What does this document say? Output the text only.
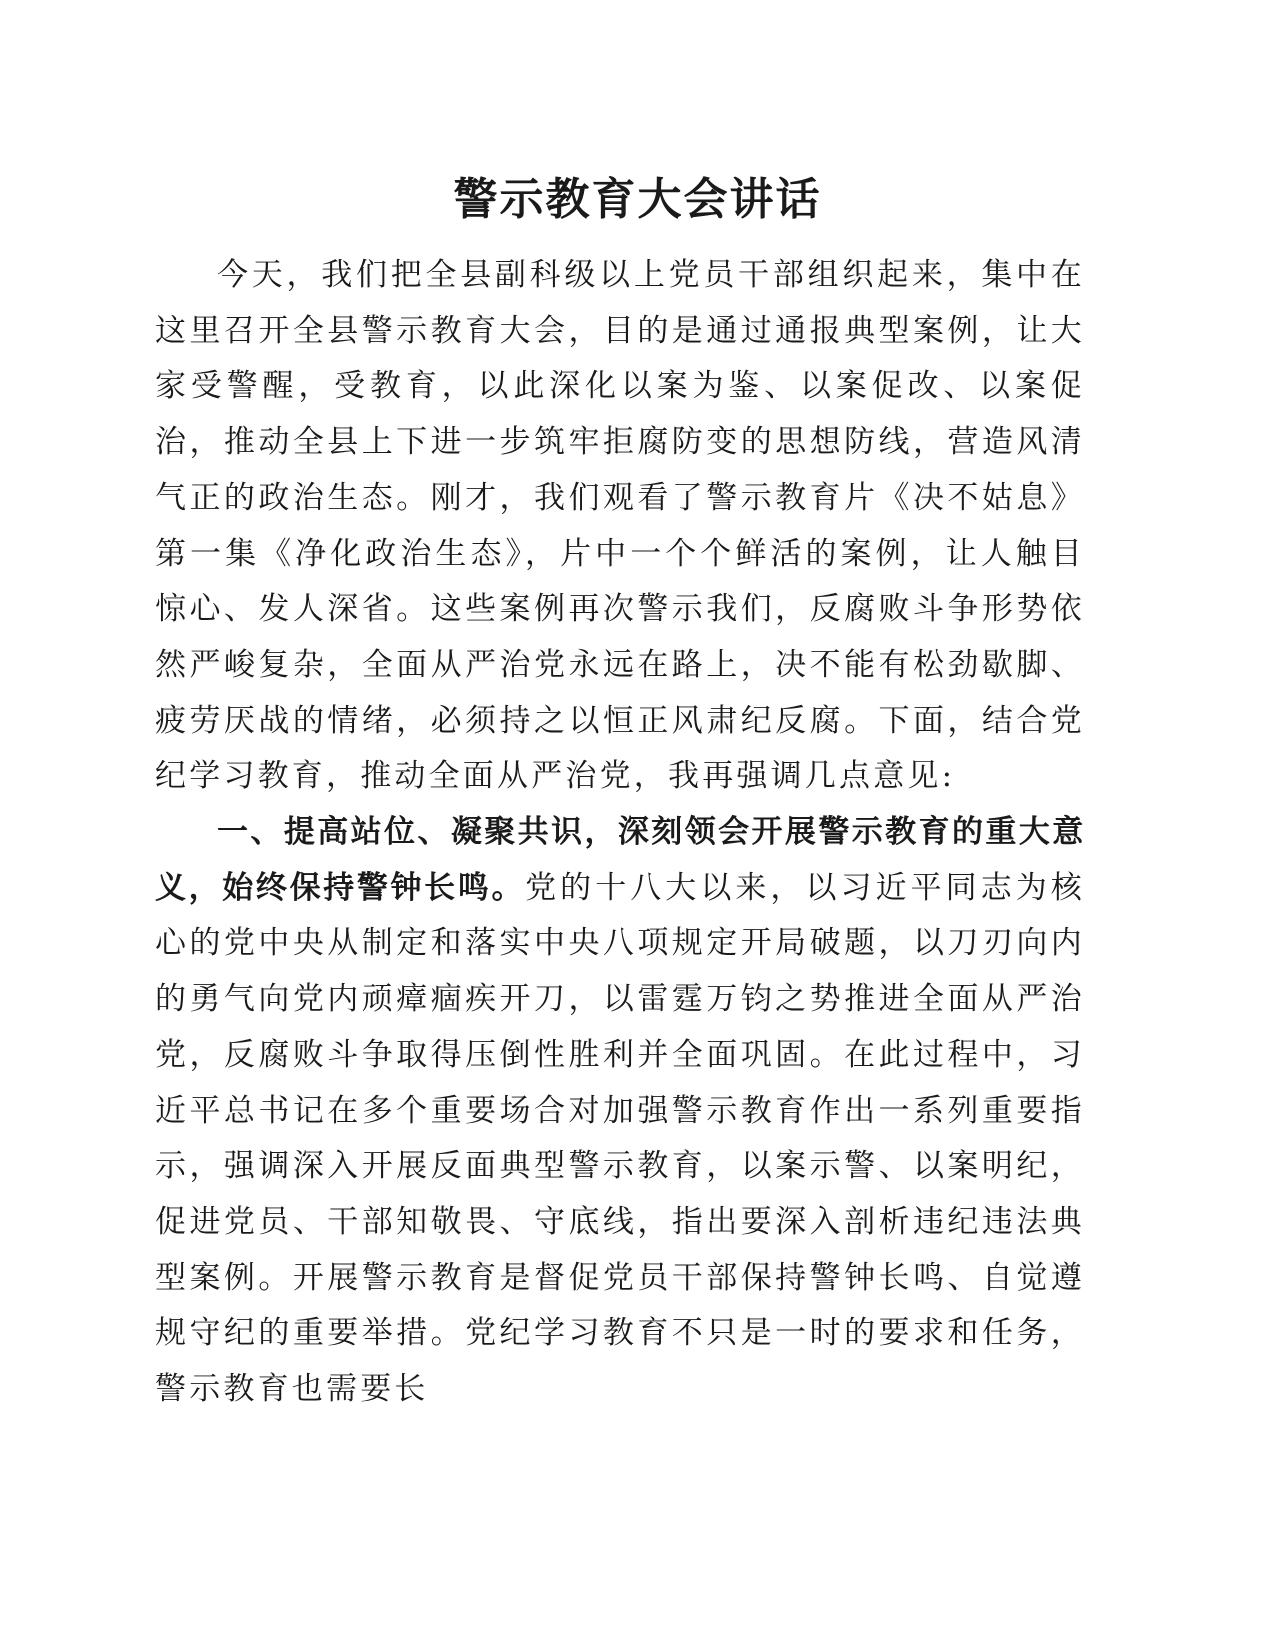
警示教育大会讲话

今天，我们把全县副科级以上党员干部组织起来，集中在这里召开全县警示教育大会，目的是通过通报典型案例，让大家受警醒，受教育，以此深化以案为鉴、以案促改、以案促治，推动全县上下进一步筑牢拒腐防变的思想防线，营造风清气正的政治生态。刚才，我们观看了警示教育片《决不姑息》第一集《净化政治生态》，片中一个个鲜活的案例，让人触目惊心、发人深省。这些案例再次警示我们，反腐败斗争形势依然严峻复杂，全面从严治党永远在路上，决不能有松劲歇脚、疲劳厌战的情绪，必须持之以恒正风肃纪反腐。下面，结合党纪学习教育，推动全面从严治党，我再强调几点意见:

一、提高站位、凝聚共识，深刻领会开展警示教育的重大意义，始终保持警钟长鸣。党的十八大以来，以习近平同志为核心的党中央从制定和落实中央八项规定开局破题，以刀刃向内的勇气向党内顽瘴痼疾开刀，以雷霆万钧之势推进全面从严治党，反腐败斗争取得压倒性胜利并全面巩固。在此过程中，习近平总书记在多个重要场合对加强警示教育作出一系列重要指示，强调深入开展反面典型警示教育，以案示警、以案明纪，促进党员、干部知敬畏、守底线，指出要深入剖析违纪违法典型案例。开展警示教育是督促党员干部保持警钟长鸣、自觉遵规守纪的重要举措。党纪学习教育不只是一时的要求和任务，警示教育也需要长
